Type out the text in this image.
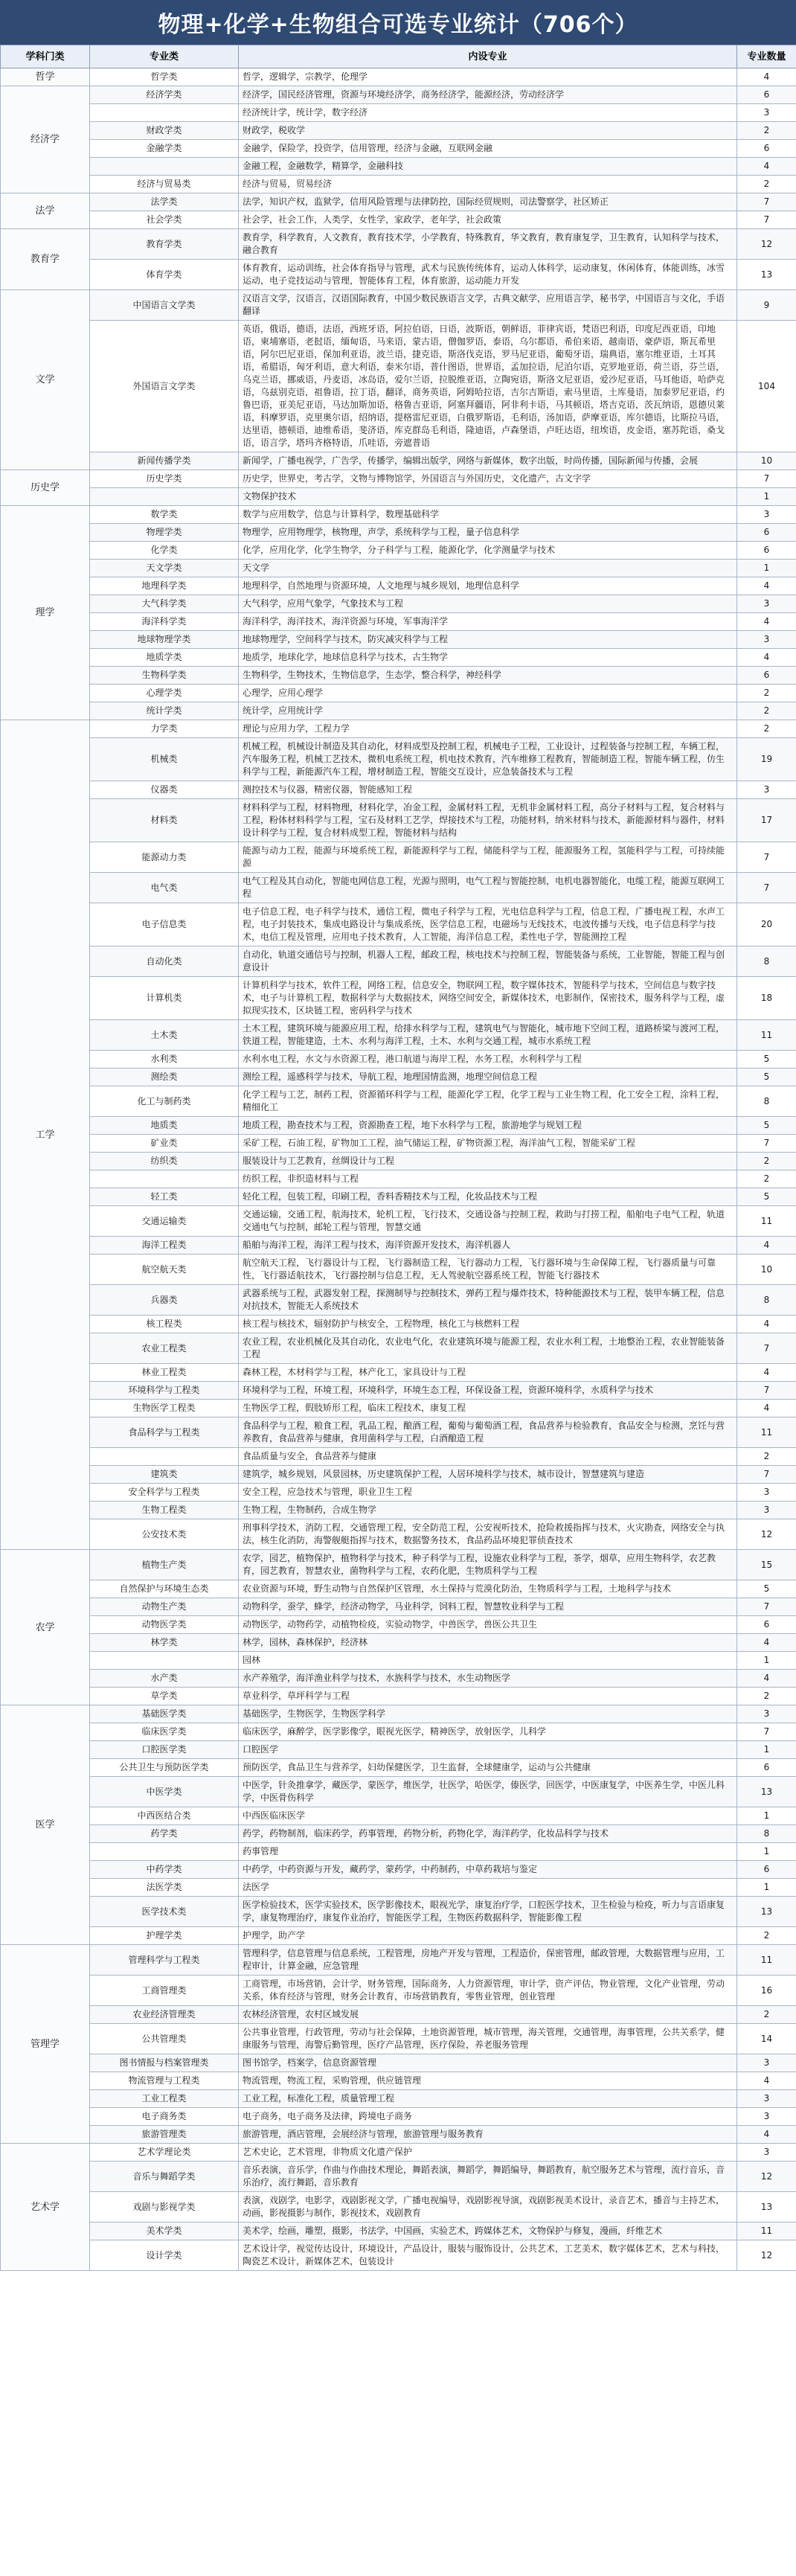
物理+化学+生物组合可选专业统计（706个）
学科门类	专业类	内设专业	专业数量
哲学	哲学类	哲学，逻辑学，宗教学，伦理学	4
经济学	经济学类	经济学，国民经济管理，资源与环境经济学，商务经济学，能源经济，劳动经济学	6
		经济统计学，统计学，数字经济	3
	财政学类	财政学，税收学	2
	金融学类	金融学，保险学，投资学，信用管理，经济与金融，互联网金融	6
		金融工程，金融数学，精算学，金融科技	4
	经济与贸易类	经济与贸易，贸易经济	2
法学	法学类	法学，知识产权，监狱学，信用风险管理与法律防控，国际经贸规则，司法警察学，社区矫正	7
	社会学类	社会学，社会工作，人类学，女性学，家政学，老年学，社会政策	7
教育学	教育学类	教育学，科学教育，人文教育，教育技术学，小学教育，特殊教育，华文教育，教育康复学，卫生教育，认知科学与技术，融合教育	12
	体育学类	体育教育，运动训练，社会体育指导与管理，武术与民族传统体育，运动人体科学，运动康复，休闲体育，体能训练，冰雪运动，电子竞技运动与管理，智能体育工程，体育旅游，运动能力开发	13
文学	中国语言文学类	汉语言文学，汉语言，汉语国际教育，中国少数民族语言文学，古典文献学，应用语言学，秘书学，中国语言与文化，手语翻译	9
	外国语言文学类	英语，俄语，德语，法语，西班牙语，阿拉伯语，日语，波斯语，朝鲜语，菲律宾语，梵语巴利语，印度尼西亚语，印地语，柬埔寨语，老挝语，缅甸语，马来语，蒙古语，僧伽罗语，泰语，乌尔都语，希伯来语，越南语，豪萨语，斯瓦希里语，阿尔巴尼亚语，保加利亚语，波兰语，捷克语，斯洛伐克语，罗马尼亚语，葡萄牙语，瑞典语，塞尔维亚语，土耳其语，希腊语，匈牙利语，意大利语，泰米尔语，普什图语，世界语，孟加拉语，尼泊尔语，克罗地亚语，荷兰语，芬兰语，乌克兰语，挪威语，丹麦语，冰岛语，爱尔兰语，拉脱维亚语，立陶宛语，斯洛文尼亚语，爱沙尼亚语，马耳他语，哈萨克语，乌兹别克语，祖鲁语，拉丁语，翻译，商务英语，阿姆哈拉语，吉尔吉斯语，索马里语，土库曼语，加泰罗尼亚语，约鲁巴语，亚美尼亚语，马达加斯加语，格鲁吉亚语，阿塞拜疆语，阿非利卡语，马其顿语，塔吉克语，茨瓦纳语，恩德贝莱语，科摩罗语，克里奥尔语，绍纳语，提格雷尼亚语，白俄罗斯语，毛利语，汤加语，萨摩亚语，库尔德语，比斯拉马语，达里语，德顿语，迪维希语，斐济语，库克群岛毛利语，隆迪语，卢森堡语，卢旺达语，纽埃语，皮金语，塞苏陀语，桑戈语，语言学，塔玛齐格特语，爪哇语，旁遮普语	104
	新闻传播学类	新闻学，广播电视学，广告学，传播学，编辑出版学，网络与新媒体，数字出版，时尚传播，国际新闻与传播，会展	10
历史学	历史学类	历史学，世界史，考古学，文物与博物馆学，外国语言与外国历史，文化遗产，古文字学	7
		文物保护技术	1
理学	数学类	数学与应用数学，信息与计算科学，数理基础科学	3
	物理学类	物理学，应用物理学，核物理，声学，系统科学与工程，量子信息科学	6
	化学类	化学，应用化学，化学生物学，分子科学与工程，能源化学，化学测量学与技术	6
	天文学类	天文学	1
	地理科学类	地理科学，自然地理与资源环境，人文地理与城乡规划，地理信息科学	4
	大气科学类	大气科学，应用气象学，气象技术与工程	3
	海洋科学类	海洋科学，海洋技术，海洋资源与环境，军事海洋学	4
	地球物理学类	地球物理学，空间科学与技术，防灾减灾科学与工程	3
	地质学类	地质学，地球化学，地球信息科学与技术，古生物学	4
	生物科学类	生物科学，生物技术，生物信息学，生态学，整合科学，神经科学	6
	心理学类	心理学，应用心理学	2
	统计学类	统计学，应用统计学	2
工学	力学类	理论与应用力学，工程力学	2
	机械类	机械工程，机械设计制造及其自动化，材料成型及控制工程，机械电子工程，工业设计，过程装备与控制工程，车辆工程，汽车服务工程，机械工艺技术，微机电系统工程，机电技术教育，汽车维修工程教育，智能制造工程，智能车辆工程，仿生科学与工程，新能源汽车工程，增材制造工程，智能交互设计，应急装备技术与工程	19
	仪器类	测控技术与仪器，精密仪器，智能感知工程	3
	材料类	材料科学与工程，材料物理，材料化学，冶金工程，金属材料工程，无机非金属材料工程，高分子材料与工程，复合材料与工程，粉体材料科学与工程，宝石及材料工艺学，焊接技术与工程，功能材料，纳米材料与技术，新能源材料与器件，材料设计科学与工程，复合材料成型工程，智能材料与结构	17
	能源动力类	能源与动力工程，能源与环境系统工程，新能源科学与工程，储能科学与工程，能源服务工程，氢能科学与工程，可持续能源	7
	电气类	电气工程及其自动化，智能电网信息工程，光源与照明，电气工程与智能控制，电机电器智能化，电缆工程，能源互联网工程	7
	电子信息类	电子信息工程，电子科学与技术，通信工程，微电子科学与工程，光电信息科学与工程，信息工程，广播电视工程，水声工程，电子封装技术，集成电路设计与集成系统，医学信息工程，电磁场与无线技术，电波传播与天线，电子信息科学与技术，电信工程及管理，应用电子技术教育，人工智能，海洋信息工程，柔性电子学，智能测控工程	20
	自动化类	自动化，轨道交通信号与控制，机器人工程，邮政工程，核电技术与控制工程，智能装备与系统，工业智能，智能工程与创意设计	8
	计算机类	计算机科学与技术，软件工程，网络工程，信息安全，物联网工程，数字媒体技术，智能科学与技术，空间信息与数字技术，电子与计算机工程，数据科学与大数据技术，网络空间安全，新媒体技术，电影制作，保密技术，服务科学与工程，虚拟现实技术，区块链工程，密码科学与技术	18
	土木类	土木工程，建筑环境与能源应用工程，给排水科学与工程，建筑电气与智能化，城市地下空间工程，道路桥梁与渡河工程，铁道工程，智能建造，土木、水利与海洋工程，土木、水利与交通工程，城市水系统工程	11
	水利类	水利水电工程，水文与水资源工程，港口航道与海岸工程，水务工程，水利科学与工程	5
	测绘类	测绘工程，遥感科学与技术，导航工程，地理国情监测，地理空间信息工程	5
	化工与制药类	化学工程与工艺，制药工程，资源循环科学与工程，能源化学工程，化学工程与工业生物工程，化工安全工程，涂料工程，精细化工	8
	地质类	地质工程，勘查技术与工程，资源勘查工程，地下水科学与工程，旅游地学与规划工程	5
	矿业类	采矿工程，石油工程，矿物加工工程，油气储运工程，矿物资源工程，海洋油气工程，智能采矿工程	7
	纺织类	服装设计与工艺教育，丝绸设计与工程	2
		纺织工程，非织造材料与工程	2
	轻工类	轻化工程，包装工程，印刷工程，香料香精技术与工程，化妆品技术与工程	5
	交通运输类	交通运输，交通工程，航海技术，轮机工程，飞行技术，交通设备与控制工程，救助与打捞工程，船舶电子电气工程，轨道交通电气与控制，邮轮工程与管理，智慧交通	11
	海洋工程类	船舶与海洋工程，海洋工程与技术，海洋资源开发技术，海洋机器人	4
	航空航天类	航空航天工程，飞行器设计与工程，飞行器制造工程，飞行器动力工程，飞行器环境与生命保障工程，飞行器质量与可靠性，飞行器适航技术，飞行器控制与信息工程，无人驾驶航空器系统工程，智能飞行器技术	10
	兵器类	武器系统与工程，武器发射工程，探测制导与控制技术，弹药工程与爆炸技术，特种能源技术与工程，装甲车辆工程，信息对抗技术，智能无人系统技术	8
	核工程类	核工程与核技术，辐射防护与核安全，工程物理，核化工与核燃料工程	4
	农业工程类	农业工程，农业机械化及其自动化，农业电气化，农业建筑环境与能源工程，农业水利工程，土地整治工程，农业智能装备工程	7
	林业工程类	森林工程，木材科学与工程，林产化工，家具设计与工程	4
	环境科学与工程类	环境科学与工程，环境工程，环境科学，环境生态工程，环保设备工程，资源环境科学，水质科学与技术	7
	生物医学工程类	生物医学工程，假肢矫形工程，临床工程技术，康复工程	4
	食品科学与工程类	食品科学与工程，粮食工程，乳品工程，酿酒工程，葡萄与葡萄酒工程，食品营养与检验教育，食品安全与检测，烹饪与营养教育，食品营养与健康，食用菌科学与工程，白酒酿造工程	11
		食品质量与安全，食品营养与健康	2
	建筑类	建筑学，城乡规划，风景园林，历史建筑保护工程，人居环境科学与技术，城市设计，智慧建筑与建造	7
	安全科学与工程类	安全工程，应急技术与管理，职业卫生工程	3
	生物工程类	生物工程，生物制药，合成生物学	3
	公安技术类	刑事科学技术，消防工程，交通管理工程，安全防范工程，公安视听技术，抢险救援指挥与技术，火灾勘查，网络安全与执法，核生化消防，海警舰艇指挥与技术，数据警务技术，食品药品环境犯罪侦查技术	12
农学	植物生产类	农学，园艺，植物保护，植物科学与技术，种子科学与工程，设施农业科学与工程，茶学，烟草，应用生物科学，农艺教育，园艺教育，智慧农业，菌物科学与工程，农药化肥，生物质科学与工程	15
	自然保护与环境生态类	农业资源与环境，野生动物与自然保护区管理，水土保持与荒漠化防治，生物质科学与工程，土地科学与技术	5
	动物生产类	动物科学，蚕学，蜂学，经济动物学，马业科学，饲料工程，智慧牧业科学与工程	7
	动物医学类	动物医学，动物药学，动植物检疫，实验动物学，中兽医学，兽医公共卫生	6
	林学类	林学，园林，森林保护，经济林	4
		园林	1
	水产类	水产养殖学，海洋渔业科学与技术，水族科学与技术，水生动物医学	4
	草学类	草业科学，草坪科学与工程	2
医学	基础医学类	基础医学，生物医学，生物医学科学	3
	临床医学类	临床医学，麻醉学，医学影像学，眼视光医学，精神医学，放射医学，儿科学	7
	口腔医学类	口腔医学	1
	公共卫生与预防医学类	预防医学，食品卫生与营养学，妇幼保健医学，卫生监督，全球健康学，运动与公共健康	6
	中医学类	中医学，针灸推拿学，藏医学，蒙医学，维医学，壮医学，哈医学，傣医学，回医学，中医康复学，中医养生学，中医儿科学，中医骨伤科学	13
	中西医结合类	中西医临床医学	1
	药学类	药学，药物制剂，临床药学，药事管理，药物分析，药物化学，海洋药学，化妆品科学与技术	8
		药事管理	1
	中药学类	中药学，中药资源与开发，藏药学，蒙药学，中药制药，中草药栽培与鉴定	6
	法医学类	法医学	1
	医学技术类	医学检验技术，医学实验技术，医学影像技术，眼视光学，康复治疗学，口腔医学技术，卫生检验与检疫，听力与言语康复学，康复物理治疗，康复作业治疗，智能医学工程，生物医药数据科学，智能影像工程	13
	护理学类	护理学，助产学	2
管理学	管理科学与工程类	管理科学，信息管理与信息系统，工程管理，房地产开发与管理，工程造价，保密管理，邮政管理，大数据管理与应用，工程审计，计算金融，应急管理	11
	工商管理类	工商管理，市场营销，会计学，财务管理，国际商务，人力资源管理，审计学，资产评估，物业管理，文化产业管理，劳动关系，体育经济与管理，财务会计教育，市场营销教育，零售业管理，创业管理	16
	农业经济管理类	农林经济管理，农村区域发展	2
	公共管理类	公共事业管理，行政管理，劳动与社会保障，土地资源管理，城市管理，海关管理，交通管理，海事管理，公共关系学，健康服务与管理，海警后勤管理，医疗产品管理，医疗保险，养老服务管理	14
	图书情报与档案管理类	图书馆学，档案学，信息资源管理	3
	物流管理与工程类	物流管理，物流工程，采购管理，供应链管理	4
	工业工程类	工业工程，标准化工程，质量管理工程	3
	电子商务类	电子商务，电子商务及法律，跨境电子商务	3
	旅游管理类	旅游管理，酒店管理，会展经济与管理，旅游管理与服务教育	4
艺术学	艺术学理论类	艺术史论，艺术管理，非物质文化遗产保护	3
	音乐与舞蹈学类	音乐表演，音乐学，作曲与作曲技术理论，舞蹈表演，舞蹈学，舞蹈编导，舞蹈教育，航空服务艺术与管理，流行音乐，音乐治疗，流行舞蹈，音乐教育	12
	戏剧与影视学类	表演，戏剧学，电影学，戏剧影视文学，广播电视编导，戏剧影视导演，戏剧影视美术设计，录音艺术，播音与主持艺术，动画，影视摄影与制作，影视技术，戏剧教育	13
	美术学类	美术学，绘画，雕塑，摄影，书法学，中国画，实验艺术，跨媒体艺术，文物保护与修复，漫画，纤维艺术	11
	设计学类	艺术设计学，视觉传达设计，环境设计，产品设计，服装与服饰设计，公共艺术，工艺美术，数字媒体艺术，艺术与科技，陶瓷艺术设计，新媒体艺术，包装设计	12
